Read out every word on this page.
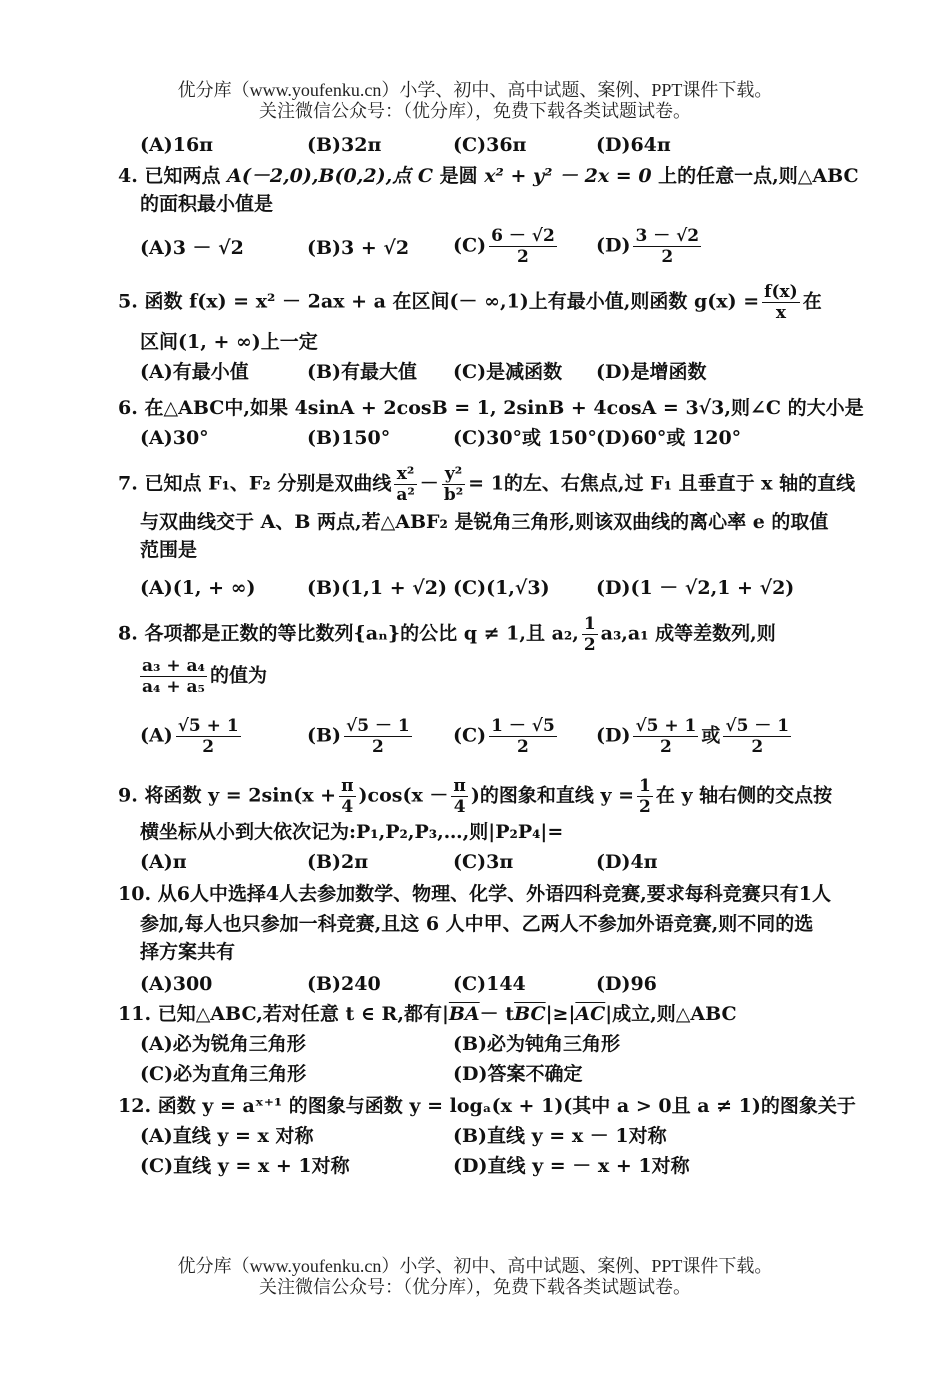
优分库（www.youfenku.cn）小学、初中、高中试题、案例、PPT课件下载。
关注微信公众号：（优分库），免费下载各类试题试卷。
(A)16π	(B)32π	(C)36π	(D)64π
4. 已知两点 A(－2,0),B(0,2),点 C 是圆 x² + y² － 2x = 0 上的任意一点,则△ABC
的面积最小值是
(A)3 － √2	(B)3 + √2 $(C) \frac{6 - √2}{2} (D) \frac{3 - √2}{2}$
5. 函数 f(x) = x² － 2ax + a 在区间(－ ∞,1)上有最小值,则函数 $g(x) = \frac{f(x)}{x}$ 在
区间(1, + ∞)上一定
(A)有最小值	(B)有最大值 (C)是减函数 (D)是增函数
6. 在△ABC中,如果 4sinA + 2cosB = 1, 2sinB + 4cosA = 3√3,则∠C 的大小是
(A)30°	(B)150°	(C)30°或 150° (D)60°或 120°
7. 已知点 F₁、F₂ 分别是双曲线 $\frac{\text{x²}}{\text{a²}} - \frac{\text{y²}}{\text{b²}} = 1$的左、右焦点,过 F₁ 且垂直于 x 轴的直线
与双曲线交于 A、B 两点,若△ABF₂ 是锐角三角形,则该双曲线的离心率 e 的取值
范围是
(A)(1, + ∞)	(B)(1,1 + √2) (C)(1,√3) (D)(1 － √2,1 + √2)
8. 各项都是正数的等比数列{aₙ}的公比 q ≠ 1,且 a₂, $\frac{1}{2} a_3,a_1$ 成等差数列,则
$\frac{\text{a₃ + a₄}}{\text{a₄ + a₅}}$ 的值为
$(A) \frac{√5 + 1}{2}$	$(B) \frac{√5 - 1}{2} (C) \frac{1 - √5}{2} (D) \frac{√5 + 1}{2}$ 或 $\frac{√5 - 1}{2}$
9. 将函数 $y = 2\sin(x + \frac{\pi}{4} )\cos(x - \frac{\pi}{4}$ )的图象和直线 $y = \frac{1}{2}$ 在 y 轴右侧的交点按
横坐标从小到大依次记为:P₁,P₂,P₃,…,则|P₂P₄|=
(A)π	(B)2π	(C)3π	(D)4π
10. 从6人中选择4人去参加数学、物理、化学、外语四科竞赛,要求每科竞赛只有1人
参加,每人也只参加一科竞赛,且这 6 人中甲、乙两人不参加外语竞赛,则不同的选
择方案共有
(A)300	(B)240	(C)144	(D)96
11. 已知△ABC,若对任意 t ∈ R,都有$|\overline{BA}- t\overline{BC}|\ge|\overline{AC}|$成立,则△ABC
(A)必为锐角三角形	(B)必为钝角三角形
(C)必为直角三角形	(D)答案不确定
12. 函数 y = aˣ⁺¹ 的图象与函数 y = logₐ(x + 1)(其中 a > 0且 a ≠ 1)的图象关于
(A)直线 y = x 对称	(B)直线 y = x － 1对称
(C)直线 y = x + 1对称	(D)直线 y = － x + 1对称
优分库（www.youfenku.cn）小学、初中、高中试题、案例、PPT课件下载。
关注微信公众号：（优分库），免费下载各类试题试卷。
